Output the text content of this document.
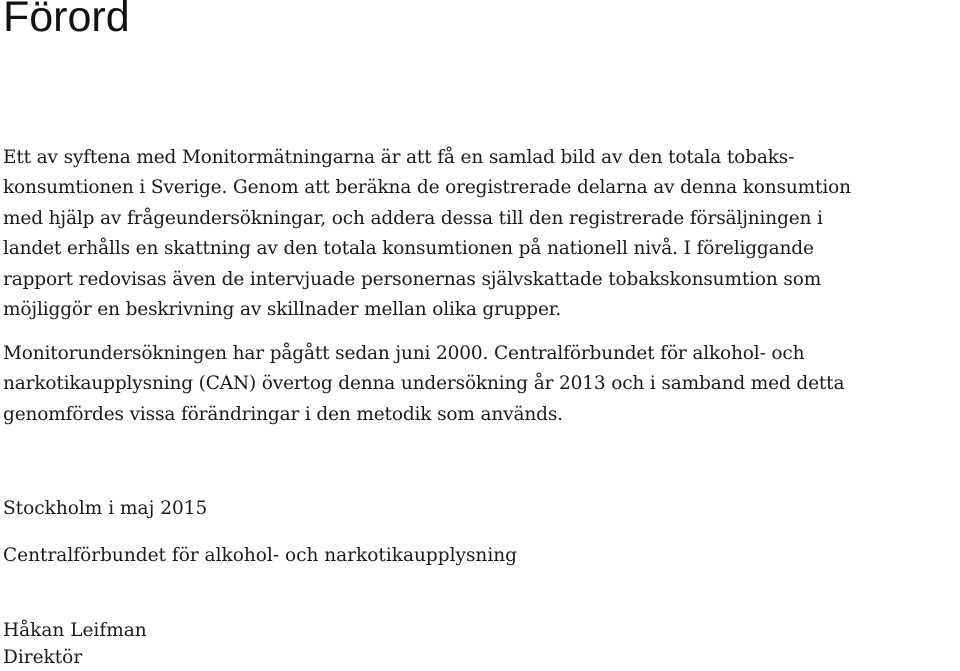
Förord

Ett av syftena med Monitormätningarna är att få en samlad bild av den totala tobaks-
konsumtionen i Sverige. Genom att beräkna de oregistrerade delarna av denna konsumtion
med hjälp av frågeundersökningar, och addera dessa till den registrerade försäljningen i
landet erhålls en skattning av den totala konsumtionen på nationell nivå. I föreliggande
rapport redovisas även de intervjuade personernas självskattade tobakskonsumtion som
möjliggör en beskrivning av skillnader mellan olika grupper.

Monitorundersökningen har pågått sedan juni 2000. Centralförbundet för alkohol- och
narkotikaupplysning (CAN) övertog denna undersökning år 2013 och i samband med detta
genomfördes vissa förändringar i den metodik som används.

Stockholm i maj 2015
Centralförbundet för alkohol- och narkotikaupplysning
Håkan Leifman
Direktör
